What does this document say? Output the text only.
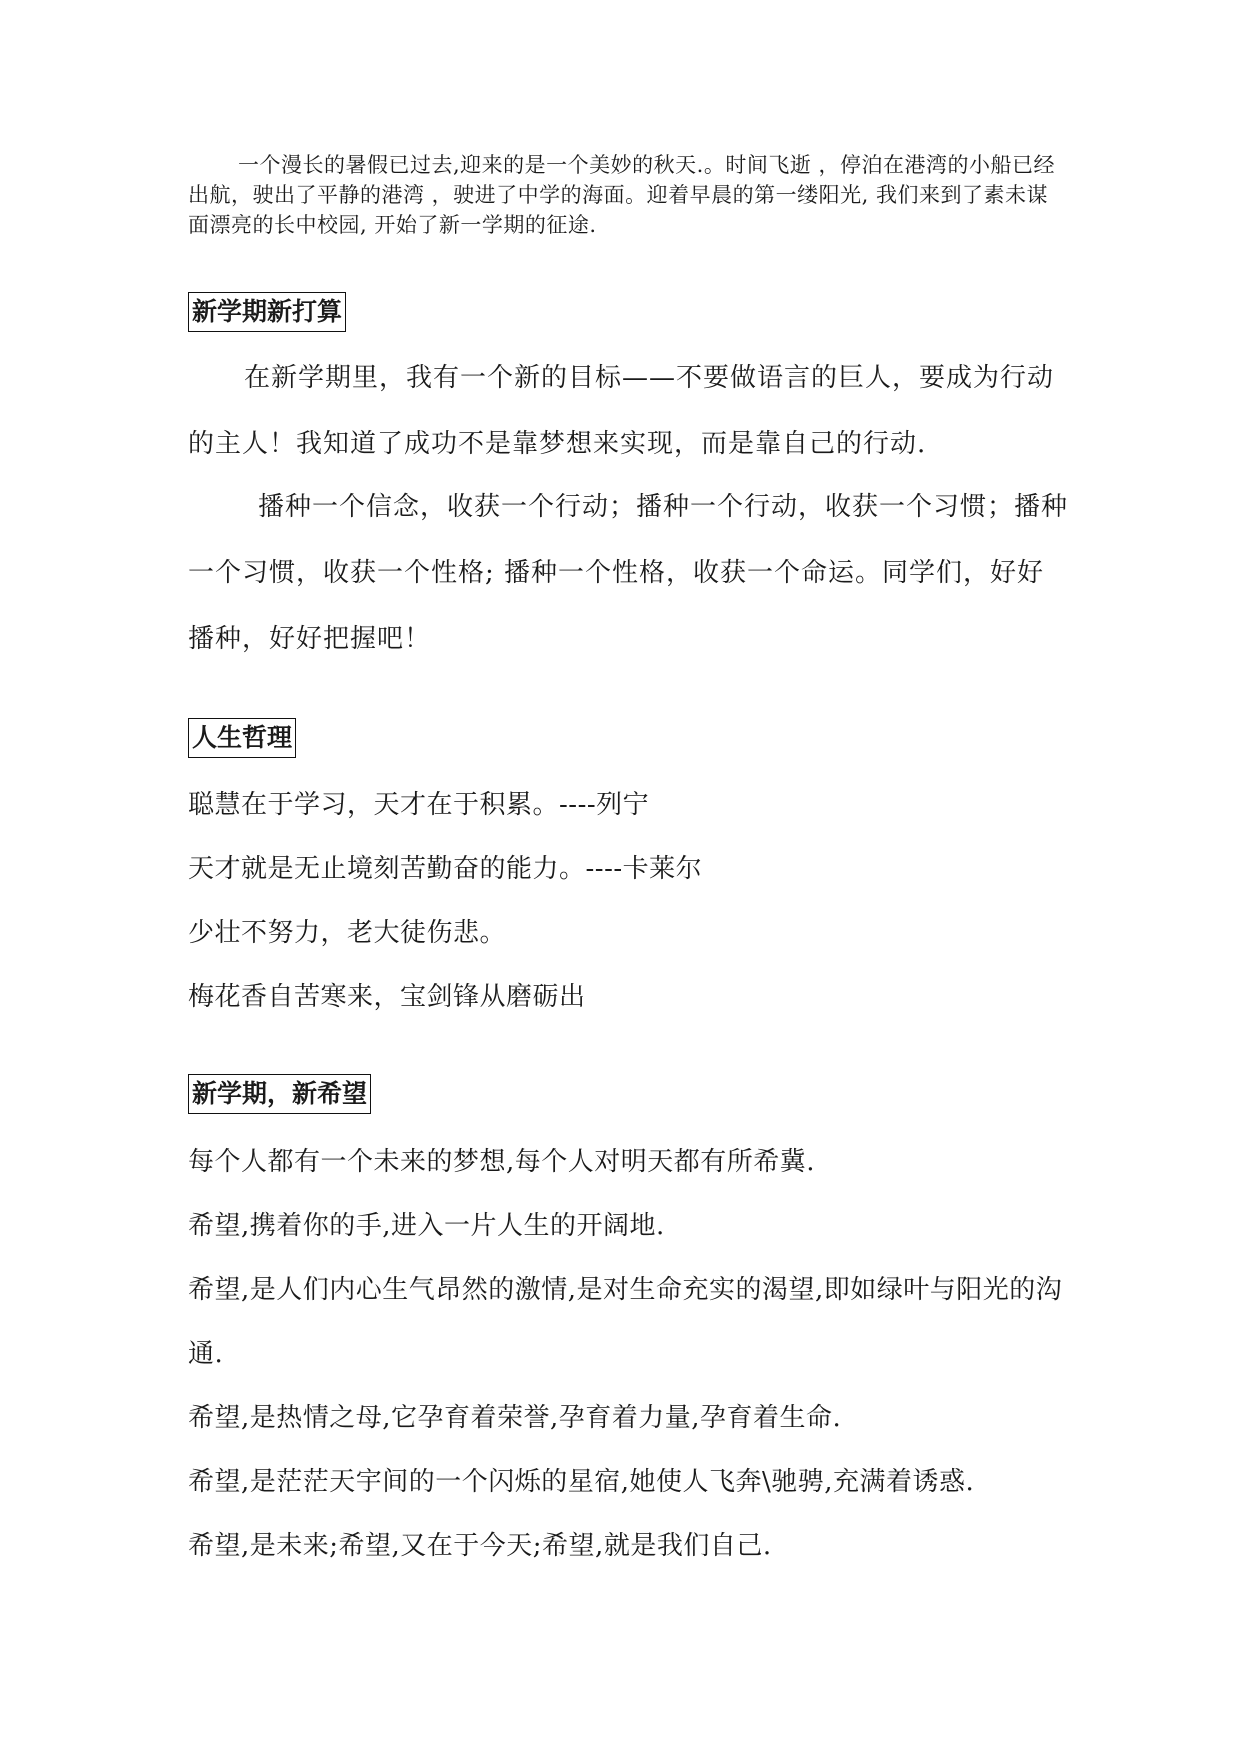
一个漫长的暑假已过去,迎来的是一个美妙的秋天.。时间飞逝 ，停泊在港湾的小船已经出航，驶出了平静的港湾 ，驶进了中学的海面。迎着早晨的第一缕阳光, 我们来到了素未谋面漂亮的长中校园, 开始了新一学期的征途.

新学期新打算

在新学期里，我有一个新的目标——不要做语言的巨人，要成为行动的主人！我知道了成功不是靠梦想来实现，而是靠自己的行动.

播种一个信念，收获一个行动；播种一个行动，收获一个习惯；播种一个习惯，收获一个性格; 播种一个性格，收获一个命运。同学们，好好播种，好好把握吧！

人生哲理
聪慧在于学习，天才在于积累。----列宁
天才就是无止境刻苦勤奋的能力。----卡莱尔
少壮不努力，老大徒伤悲。
梅花香自苦寒来，宝剑锋从磨砺出
新学期，新希望
每个人都有一个未来的梦想,每个人对明天都有所希冀.
希望,携着你的手,进入一片人生的开阔地.
希望,是人们内心生气昂然的激情,是对生命充实的渴望,即如绿叶与阳光的沟通.
希望,是热情之母,它孕育着荣誉,孕育着力量,孕育着生命.
希望,是茫茫天宇间的一个闪烁的星宿,她使人飞奔\驰骋,充满着诱惑.
希望,是未来;希望,又在于今天;希望,就是我们自己.
